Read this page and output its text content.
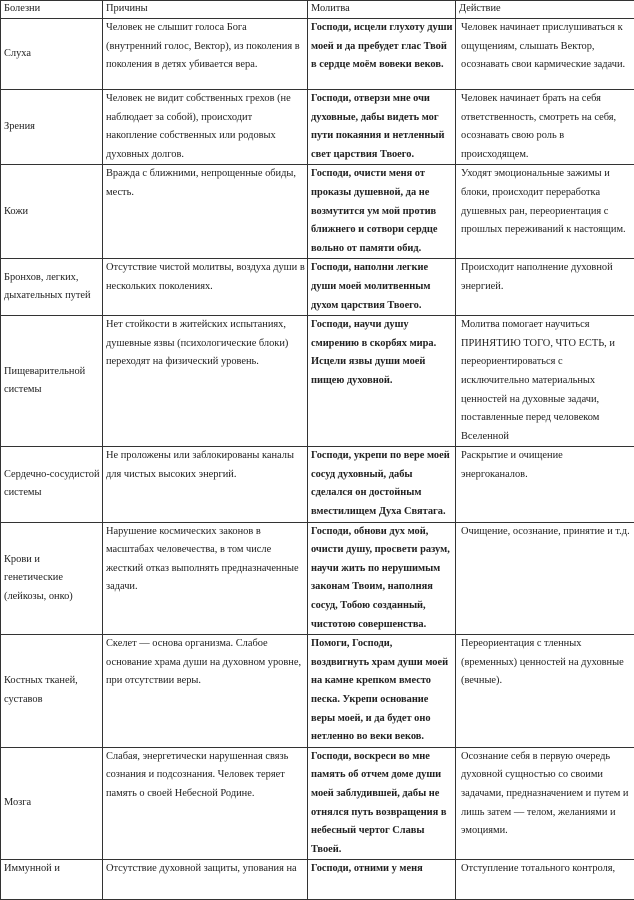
Болезни	Причины	Молитва	Действие
Слуха	Человек не слышит голоса Бога (внутренний голос, Вектор), из поколения в поколения в детях убивается вера.	Господи, исцели глухоту души моей и да пребудет глас Твой в сердце моём вовеки веков.	Человек начинает прислушиваться к ощущениям, слышать Вектор, осознавать свои кармические задачи.
Зрения	Человек не видит собственных грехов (не наблюдает за собой), происходит накопление собственных или родовых духовных долгов.	Господи, отверзи мне очи духовные, дабы видеть мог пути покаяния и нетленный свет царствия Твоего.	Человек начинает брать на себя ответственность, смотреть на себя, осознавать свою роль в происходящем.
Кожи	Вражда с ближними, непрощенные обиды, месть.	Господи, очисти меня от проказы душевной, да не возмутится ум мой против ближнего и сотвори сердце вольно от памяти обид.	Уходят эмоциональные зажимы и блоки, происходит переработка душевных ран, переориентация с прошлых переживаний к настоящим.
Бронхов, легких, дыхательных путей	Отсутствие чистой молитвы, воздуха души в нескольких поколениях.	Господи, наполни легкие души моей молитвенным духом царствия Твоего.	Происходит наполнение духовной энергией.
Пищеварительной системы	Нет стойкости в житейских испытаниях, душевные язвы (психологические блоки) переходят на физический уровень.	Господи, научи душу смирению в скорбях мира. Исцели язвы души моей пищею духовной.	Молитва помогает научиться ПРИНЯТИЮ ТОГО, ЧТО ЕСТЬ, и переориентироваться с исключительно материальных ценностей на духовные задачи, поставленные перед человеком Вселенной
Сердечно-сосудистой системы	Не проложены или заблокированы каналы для чистых высоких энергий.	Господи, укрепи по вере моей сосуд духовный, дабы сделался он достойным вместилищем Духа Святага.	Раскрытие и очищение энергоканалов.
Крови и генетические (лейкозы, онко)	Нарушение космических законов в масштабах человечества, в том числе жесткий отказ выполнять предназначенные задачи.	Господи, обнови дух мой, очисти душу, просвети разум, научи жить по нерушимым законам Твоим, наполняя сосуд, Тобою созданный, чистотою совершенства.	Очищение, осознание, принятие и т.д.
Костных тканей, суставов	Скелет — основа организма. Слабое основание храма души на духовном уровне, при отсутствии веры.	Помоги, Господи, воздвигнуть храм души моей на камне крепком вместо песка. Укрепи основание веры моей, и да будет оно нетленно во веки веков.	Переориентация с тленных (временных) ценностей на духовные (вечные).
Мозга	Слабая, энергетически нарушенная связь сознания и подсознания. Человек теряет память о своей Небесной Родине.	Господи, воскреси во мне память об отчем доме души моей заблудившей, дабы не отнялся путь возвращения в небесный чертог Славы Твоей.	Осознание себя в первую очередь духовной сущностью со своими задачами, предназначением и путем и лишь затем — телом, желаниями и эмоциями.
Иммунной и	Отсутствие духовной защиты, упования на	Господи, отними у меня	Отступление тотального контроля,
